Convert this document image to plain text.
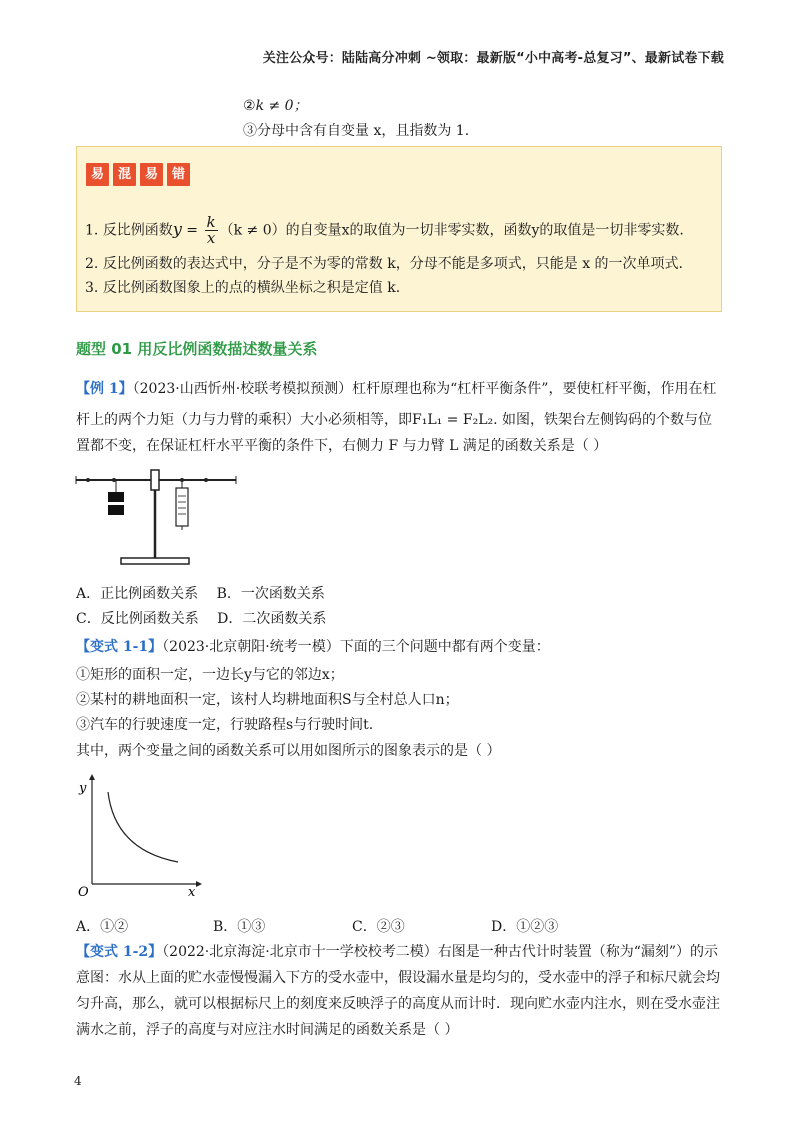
关注公众号：陆陆高分冲刺 ~领取：最新版“小中高考-总复习”、最新试卷下载
②k ≠ 0；
③分母中含有自变量 x，且指数为 1.
易 混 易 错
1. 反比例函数$y = \frac{k}{x} (k \ne 0)$的自变量x的取值为一切非零实数，函数y的取值是一切非零实数.
2. 反比例函数的表达式中，分子是不为零的常数 k，分母不能是多项式，只能是 x 的一次单项式.
3. 反比例函数图象上的点的横纵坐标之积是定值 k.
题型 01 用反比例函数描述数量关系
【例 1】（2023·山西忻州·校联考模拟预测）杠杆原理也称为“杠杆平衡条件”，要使杠杆平衡，作用在杠
杆上的两个力矩（力与力臂的乘积）大小必须相等，即F₁L₁ = F₂L₂. 如图，铁架台左侧钩码的个数与位
置都不变，在保证杠杆水平平衡的条件下，右侧力 F 与力臂 L 满足的函数关系是（ ）
A．正比例函数关系 B．一次函数关系
C．反比例函数关系 D．二次函数关系
【变式 1-1】（2023·北京朝阳·统考一模）下面的三个问题中都有两个变量：
①矩形的面积一定，一边长y与它的邻边x；
②某村的耕地面积一定，该村人均耕地面积S与全村总人口n；
③汽车的行驶速度一定，行驶路程s与行驶时间t.
其中，两个变量之间的函数关系可以用如图所示的图象表示的是（ ）
y
x
O
A．①②	B．①③	C．②③	D．①②③
【变式 1-2】（2022·北京海淀·北京市十一学校校考二模）右图是一种古代计时装置（称为“漏刻”）的示
意图：水从上面的贮水壶慢慢漏入下方的受水壶中，假设漏水量是均匀的，受水壶中的浮子和标尺就会均
匀升高，那么，就可以根据标尺上的刻度来反映浮子的高度从而计时．现向贮水壶内注水，则在受水壶注
满水之前，浮子的高度与对应注水时间满足的函数关系是（ ）
4
